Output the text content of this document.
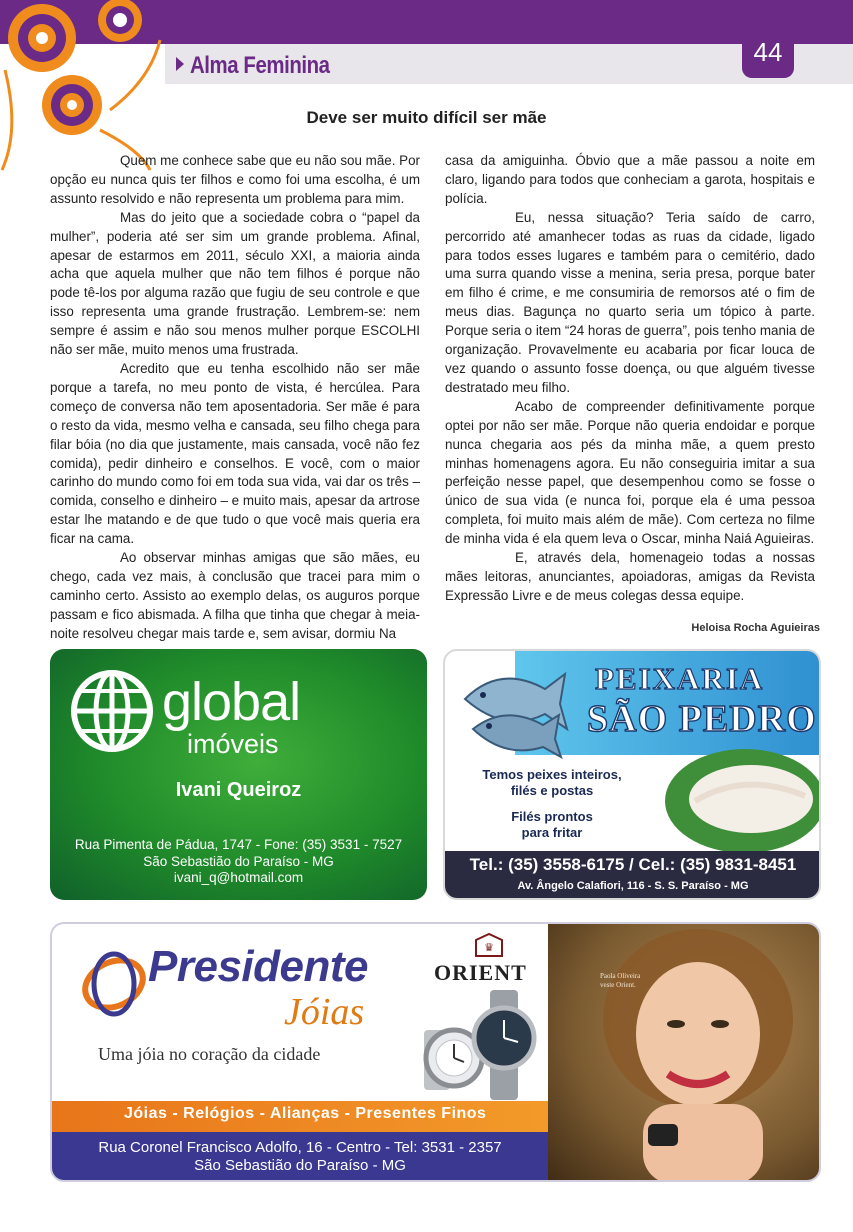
Alma Feminina	44
Deve ser muito difícil ser mãe

Quem me conhece sabe que eu não sou mãe. Por opção eu nunca quis ter filhos e como foi uma escolha, é um assunto resolvido e não representa um problema para mim.

Mas do jeito que a sociedade cobra o “papel da mulher”, poderia até ser sim um grande problema. Afinal, apesar de estarmos em 2011, século XXI, a maioria ainda acha que aquela mulher que não tem filhos é porque não pode tê-los por alguma razão que fugiu de seu controle e que isso representa uma grande frustração. Lembrem-se: nem sempre é assim e não sou menos mulher porque ESCOLHI não ser mãe, muito menos uma frustrada.

Acredito que eu tenha escolhido não ser mãe porque a tarefa, no meu ponto de vista, é hercúlea. Para começo de conversa não tem aposentadoria. Ser mãe é para o resto da vida, mesmo velha e cansada, seu filho chega para filar bóia (no dia que justamente, mais cansada, você não fez comida), pedir dinheiro e conselhos. E você, com o maior carinho do mundo como foi em toda sua vida, vai dar os três – comida, conselho e dinheiro – e muito mais, apesar da artrose estar lhe matando e de que tudo o que você mais queria era ficar na cama.

Ao observar minhas amigas que são mães, eu chego, cada vez mais, à conclusão que tracei para mim o caminho certo. Assisto ao exemplo delas, os auguros porque passam e fico abismada. A filha que tinha que chegar à meia-noite resolveu chegar mais tarde e, sem avisar, dormiu Na

casa da amiguinha. Óbvio que a mãe passou a noite em claro, ligando para todos que conheciam a garota, hospitais e polícia.

Eu, nessa situação? Teria saído de carro, percorrido até amanhecer todas as ruas da cidade, ligado para todos esses lugares e também para o cemitério, dado uma surra quando visse a menina, seria presa, porque bater em filho é crime, e me consumiria de remorsos até o fim de meus dias. Bagunça no quarto seria um tópico à parte. Porque seria o item “24 horas de guerra”, pois tenho mania de organização. Provavelmente eu acabaria por ficar louca de vez quando o assunto fosse doença, ou que alguém tivesse destratado meu filho.

Acabo de compreender definitivamente porque optei por não ser mãe. Porque não queria endoidar e porque nunca chegaria aos pés da minha mãe, a quem presto minhas homenagens agora. Eu não conseguiria imitar a sua perfeição nesse papel, que desempenhou como se fosse o único de sua vida (e nunca foi, porque ela é uma pessoa completa, foi muito mais além de mãe). Com certeza no filme de minha vida é ela quem leva o Oscar, minha Naiá Aguieiras.

E, através dela, homenageio todas a nossas mães leitoras, anunciantes, apoiadoras, amigas da Revista Expressão Livre e de meus colegas dessa equipe.

Heloisa Rocha Aguieiras
global
imóveis
Ivani Queiroz
Rua Pimenta de Pádua, 1747 - Fone: (35) 3531 - 7527
São Sebastião do Paraíso - MG
ivani_q@hotmail.com
PEIXARIA
SÃO PEDRO
Temos peixes inteiros,
filés e postas
Filés prontos
para fritar
Tel.: (35) 3558-6175 / Cel.: (35) 9831-8451
Av. Ângelo Calafiori, 116 - S. S. Paraíso - MG
Presidente
Jóias
Uma jóia no coração da cidade
♛
ORIENT
Jóias - Relógios - Alianças - Presentes Finos
Rua Coronel Francisco Adolfo, 16 - Centro - Tel: 3531 - 2357
São Sebastião do Paraíso - MG
Paola Oliveira
veste Orient.
